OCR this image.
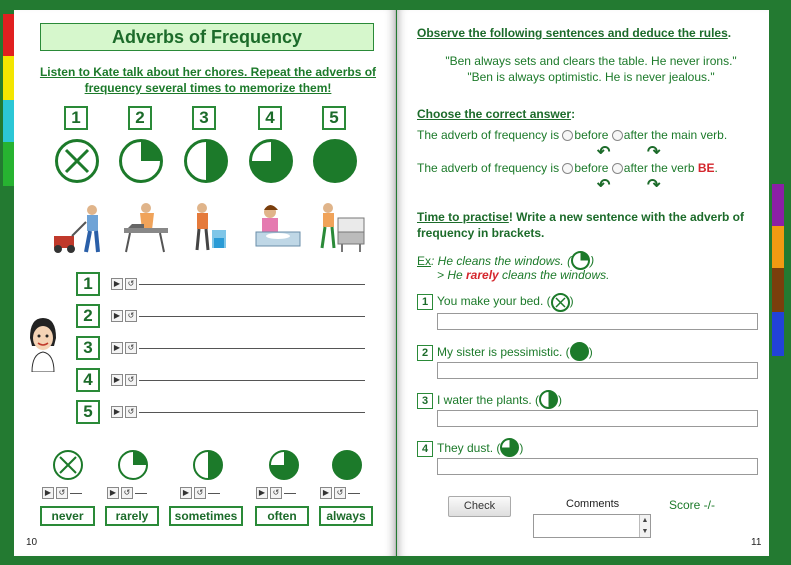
Adverbs of Frequency
Listen to Kate talk about her chores. Repeat the adverbs of frequency several times to memorize them!
1	2	3	4	5
1	▶ ↺
2	▶ ↺
3	▶ ↺
4	▶ ↺
5	▶ ↺
▶ ↺	▶ ↺	▶ ↺	▶ ↺	▶ ↺
never	rarely	sometimes	often	always
10
Observe the following sentences and deduce the rules.
"Ben always sets and clears the table. He never irons."
"Ben is always optimistic. He is never jealous."
Choose the correct answer:
The adverb of frequency is before after the main verb.
↶ ↷
The adverb of frequency is before after the verb BE.
↶ ↷
Time to practise! Write a new sentence with the adverb of frequency in brackets.
Ex: He cleans the windows. ( )
> He rarely cleans the windows.
1 You make your bed. ( )
2 My sister is pessimistic. ( )
3 I water the plants. ( )
4 They dust. ( )
Check	Comments
▲
▼
Score -/-
11
